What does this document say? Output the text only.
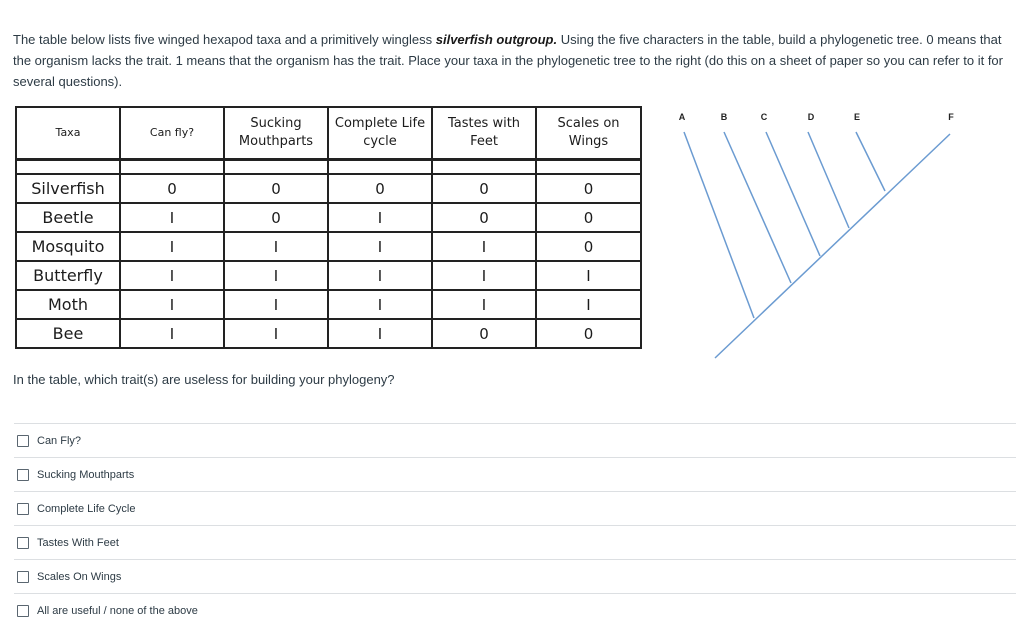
The table below lists five winged hexapod taxa and a primitively wingless silverfish outgroup. Using the five characters in the table, build a phylogenetic tree. 0 means that the organism lacks the trait. 1 means that the organism has the trait. Place your taxa in the phylogenetic tree to the right (do this on a sheet of paper so you can refer to it for several questions).
Taxa	Can fly?	Sucking Mouthparts	Complete Life cycle	Tastes with Feet	Scales on Wings

Silverfish	0	0	0	0	0
Beetle	I	0	I	0	0
Mosquito	I	I	I	I	0
Butterfly	I	I	I	I	I
Moth	I	I	I	I	I
Bee	I	I	I	0	0
A	B	C	D	E	F
In the table, which trait(s) are useless for building your phylogeny?
Can Fly?
Sucking Mouthparts
Complete Life Cycle
Tastes With Feet
Scales On Wings
All are useful / none of the above
